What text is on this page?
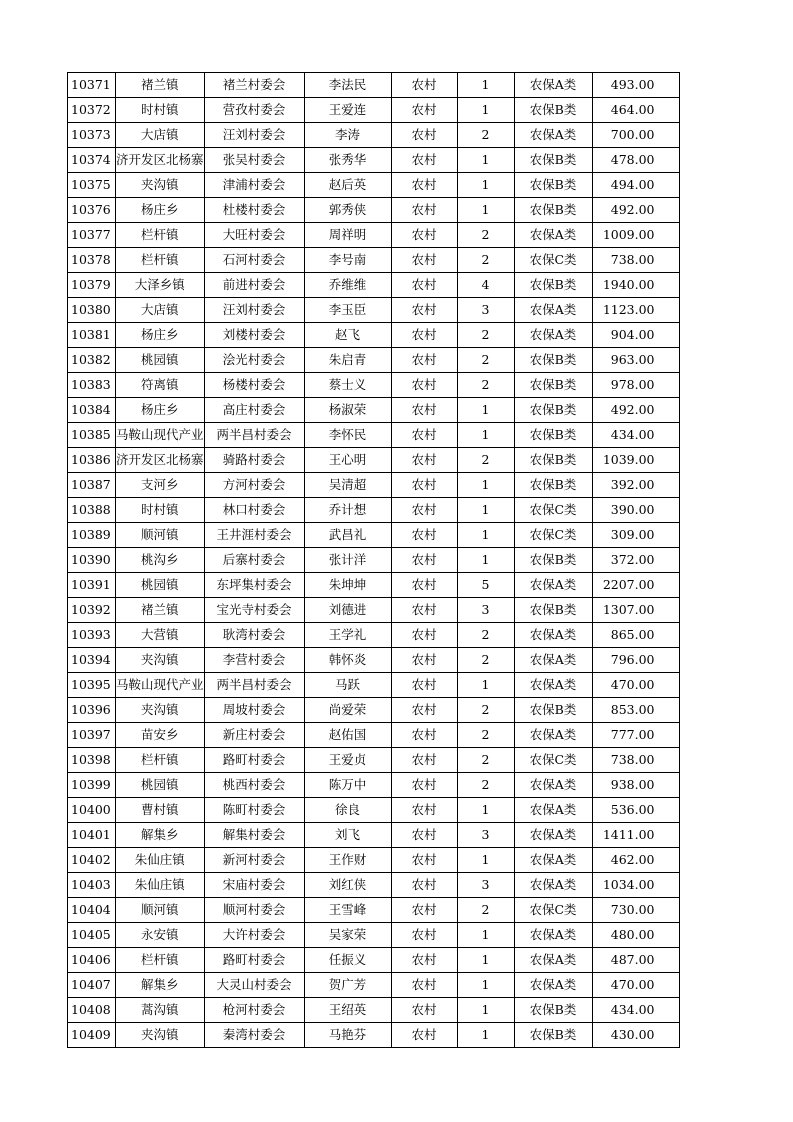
10371	褚兰镇	褚兰村委会	李法民	农村	1	农保A类	493.00
10372	时村镇	营孜村委会	王爱连	农村	1	农保B类	464.00
10373	大店镇	汪刘村委会	李涛	农村	2	农保A类	700.00
10374	济开发区北杨寨	张吴村委会	张秀华	农村	1	农保B类	478.00
10375	夹沟镇	津浦村委会	赵后英	农村	1	农保B类	494.00
10376	杨庄乡	杜楼村委会	郭秀侠	农村	1	农保B类	492.00
10377	栏杆镇	大旺村委会	周祥明	农村	2	农保A类	1009.00
10378	栏杆镇	石河村委会	李号南	农村	2	农保C类	738.00
10379	大泽乡镇	前进村委会	乔维维	农村	4	农保B类	1940.00
10380	大店镇	汪刘村委会	李玉臣	农村	3	农保A类	1123.00
10381	杨庄乡	刘楼村委会	赵飞	农村	2	农保A类	904.00
10382	桃园镇	浍光村委会	朱启青	农村	2	农保B类	963.00
10383	符离镇	杨楼村委会	蔡士义	农村	2	农保B类	978.00
10384	杨庄乡	高庄村委会	杨淑荣	农村	1	农保B类	492.00
10385	马鞍山现代产业	两半昌村委会	李怀民	农村	1	农保B类	434.00
10386	济开发区北杨寨	骑路村委会	王心明	农村	2	农保B类	1039.00
10387	支河乡	方河村委会	吴清超	农村	1	农保B类	392.00
10388	时村镇	林口村委会	乔计想	农村	1	农保C类	390.00
10389	顺河镇	王井涯村委会	武昌礼	农村	1	农保C类	309.00
10390	桃沟乡	后寨村委会	张计洋	农村	1	农保B类	372.00
10391	桃园镇	东坪集村委会	朱坤坤	农村	5	农保A类	2207.00
10392	褚兰镇	宝光寺村委会	刘德进	农村	3	农保B类	1307.00
10393	大营镇	耿湾村委会	王学礼	农村	2	农保A类	865.00
10394	夹沟镇	李营村委会	韩怀炎	农村	2	农保A类	796.00
10395	马鞍山现代产业	两半昌村委会	马跃	农村	1	农保A类	470.00
10396	夹沟镇	周坡村委会	尚爱荣	农村	2	农保B类	853.00
10397	苗安乡	新庄村委会	赵佑国	农村	2	农保A类	777.00
10398	栏杆镇	路町村委会	王爱贞	农村	2	农保C类	738.00
10399	桃园镇	桃西村委会	陈万中	农村	2	农保A类	938.00
10400	曹村镇	陈町村委会	徐良	农村	1	农保A类	536.00
10401	解集乡	解集村委会	刘飞	农村	3	农保A类	1411.00
10402	朱仙庄镇	新河村委会	王作财	农村	1	农保A类	462.00
10403	朱仙庄镇	宋庙村委会	刘红侠	农村	3	农保A类	1034.00
10404	顺河镇	顺河村委会	王雪峰	农村	2	农保C类	730.00
10405	永安镇	大许村委会	吴家荣	农村	1	农保A类	480.00
10406	栏杆镇	路町村委会	任振义	农村	1	农保A类	487.00
10407	解集乡	大灵山村委会	贺广芳	农村	1	农保A类	470.00
10408	蒿沟镇	枪河村委会	王绍英	农村	1	农保B类	434.00
10409	夹沟镇	秦湾村委会	马艳芬	农村	1	农保B类	430.00
